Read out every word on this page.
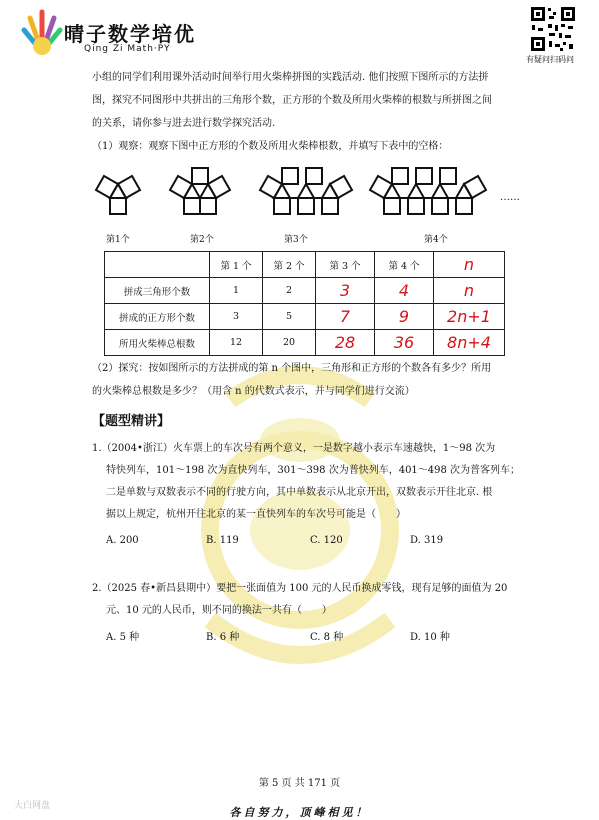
晴子数学培优
Qing Zi Math·PY
有疑问扫码问
小组的同学们利用课外活动时间举行用火柴棒拼图的实践活动. 他们按照下图所示的方法拼
图，探究不同图形中共拼出的三角形个数，正方形的个数及所用火柴棒的根数与所拼图之间
的关系，请你参与进去进行数学探究活动.
（1）观察：观察下图中正方形的个数及所用火柴棒根数，并填写下表中的空格：
……
第1个	第2个	第3个	第4个
	第 1 个	第 2 个	第 3 个	第 4 个	n
拼成三角形个数	1	2	3	4	n
拼成的正方形个数	3	5	7	9	2n+1
所用火柴棒总根数	12	20	28	36	8n+4
（2）探究：按如图所示的方法拼成的第 n 个图中，三角形和正方形的个数各有多少？所用
的火柴棒总根数是多少？（用含 n 的代数式表示，并与同学们进行交流）
【题型精讲】
1.（2004•浙江）火车票上的车次号有两个意义，一是数字越小表示车速越快，1～98 次为
特快列车，101～198 次为直快列车，301～398 次为普快列车，401～498 次为普客列车；
二是单数与双数表示不同的行驶方向，其中单数表示从北京开出，双数表示开往北京. 根
据以上规定，杭州开往北京的某一直快列车的车次号可能是（　　）
A. 200	B. 119	C. 120	D. 319
2.（2025 春•新昌县期中）要把一张面值为 100 元的人民币换成零钱，现有足够的面值为 20
元、10 元的人民币，则不同的换法一共有（　　）
A. 5 种	B. 6 种	C. 8 种	D. 10 种
第 5 页 共 171 页
各自努力，顶峰相见！
大白网盘
